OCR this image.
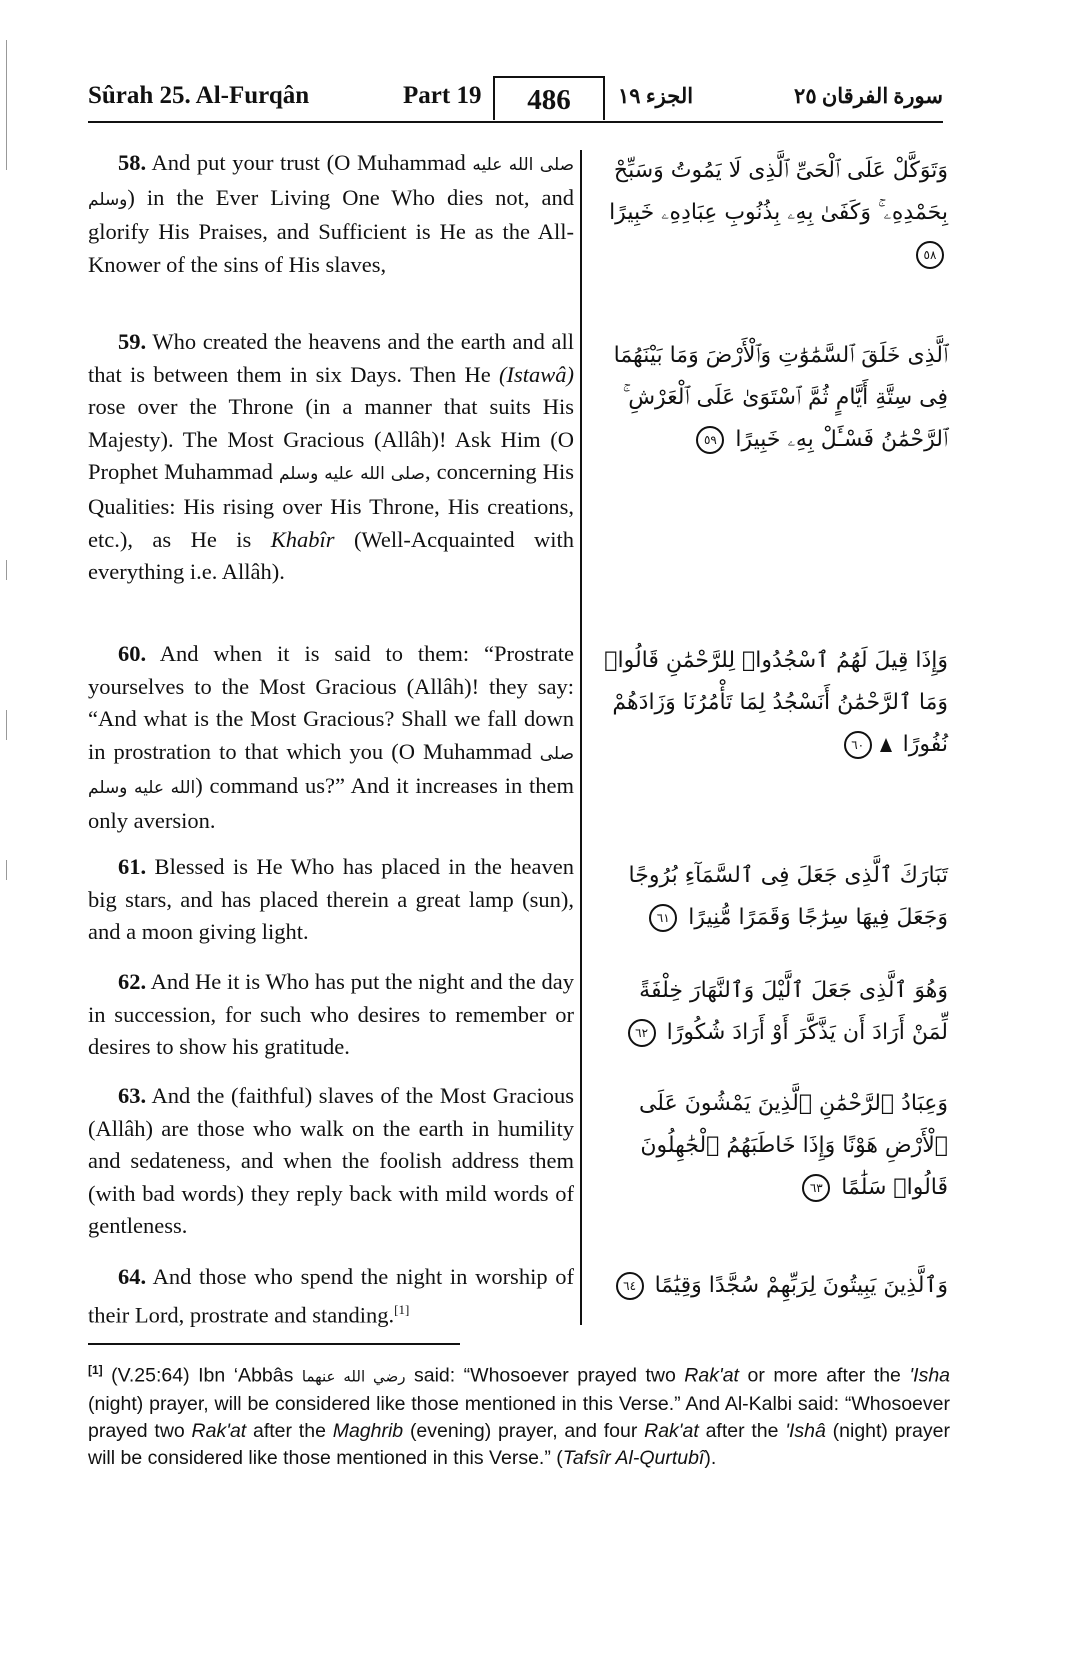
Sûrah 25. Al-Furqân	Part 19	486	الجزء ١٩	سورة الفرقان ٢٥
58. And put your trust (O Muhammad صلى الله عليه وسلم) in the Ever Living One Who dies not, and glorify His Praises, and Sufficient is He as the All-Knower of the sins of His slaves,
وَتَوَكَّلْ عَلَى ٱلْحَىِّ ٱلَّذِى لَا يَمُوتُ وَسَبِّحْ بِحَمْدِهِۦ ۚ وَكَفَىٰ بِهِۦ بِذُنُوبِ عِبَادِهِۦ خَبِيرًا ٥٨
59. Who created the heavens and the earth and all that is between them in six Days. Then He (Istawâ) rose over the Throne (in a manner that suits His Majesty). The Most Gracious (Allâh)! Ask Him (O Prophet Muhammad صلى الله عليه وسلم, concerning His Qualities: His rising over His Throne, His creations, etc.), as He is Khabîr (Well-Acquainted with everything i.e. Allâh).
ٱلَّذِى خَلَقَ ٱلسَّمَٰوَٰتِ وَٱلْأَرْضَ وَمَا بَيْنَهُمَا فِى سِتَّةِ أَيَّامٍ ثُمَّ ٱسْتَوَىٰ عَلَى ٱلْعَرْشِ ۚ ٱلرَّحْمَٰنُ فَسْـَٔلْ بِهِۦ خَبِيرًا ٥٩
60. And when it is said to them: “Prostrate yourselves to the Most Gracious (Allâh)! they say: “And what is the Most Gracious? Shall we fall down in prostration to that which you (O Muhammad صلى الله عليه وسلم) command us?” And it increases in them only aversion.
وَإِذَا قِيلَ لَهُمُ ٱسْجُدُوا۟ لِلرَّحْمَٰنِ قَالُوا۟ وَمَا ٱلرَّحْمَٰنُ أَنَسْجُدُ لِمَا تَأْمُرُنَا وَزَادَهُمْ نُفُورًا ٦٠
61. Blessed is He Who has placed in the heaven big stars, and has placed therein a great lamp (sun), and a moon giving light.
تَبَارَكَ ٱلَّذِى جَعَلَ فِى ٱلسَّمَآءِ بُرُوجًا وَجَعَلَ فِيهَا سِرَٰجًا وَقَمَرًا مُّنِيرًا ٦١
62. And He it is Who has put the night and the day in succession, for such who desires to remember or desires to show his gratitude.
وَهُوَ ٱلَّذِى جَعَلَ ٱلَّيْلَ وَٱلنَّهَارَ خِلْفَةً لِّمَنْ أَرَادَ أَن يَذَّكَّرَ أَوْ أَرَادَ شُكُورًا ٦٢
63. And the (faithful) slaves of the Most Gracious (Allâh) are those who walk on the earth in humility and sedateness, and when the foolish address them (with bad words) they reply back with mild words of gentleness.
وَعِبَادُ ٱلرَّحْمَٰنِ ٱلَّذِينَ يَمْشُونَ عَلَى ٱلْأَرْضِ هَوْنًا وَإِذَا خَاطَبَهُمُ ٱلْجَٰهِلُونَ قَالُوا۟ سَلَٰمًا ٦٣
64. And those who spend the night in worship of their Lord, prostrate and standing.[1]
وَٱلَّذِينَ يَبِيتُونَ لِرَبِّهِمْ سُجَّدًا وَقِيَٰمًا ٦٤
[1] (V.25:64) Ibn ‘Abbâs رضي الله عنهما said: “Whosoever prayed two Rak'at or more after the 'Isha (night) prayer, will be considered like those mentioned in this Verse.” And Al-Kalbi said: “Whosoever prayed two Rak'at after the Maghrib (evening) prayer, and four Rak'at after the 'Ishâ (night) prayer will be considered like those mentioned in this Verse.” (Tafsîr Al-Qurtubî).
